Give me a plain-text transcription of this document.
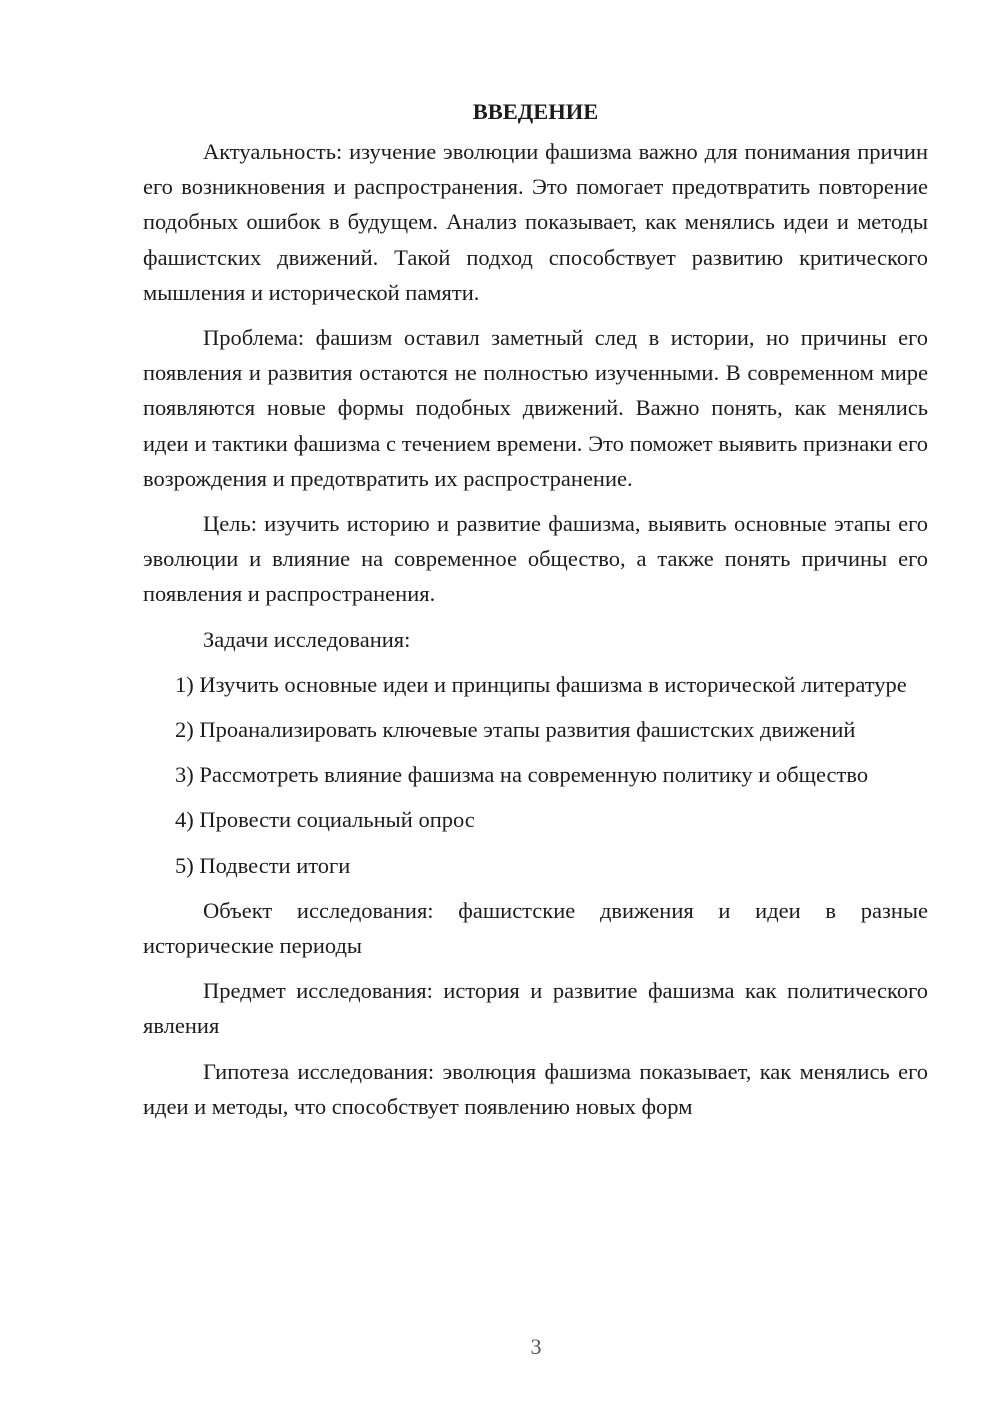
ВВЕДЕНИЕ

Актуальность: изучение эволюции фашизма важно для понимания причин его возникновения и распространения. Это помогает предотвратить повторение подобных ошибок в будущем. Анализ показывает, как менялись идеи и методы фашистских движений. Такой подход способствует развитию критического мышления и исторической памяти.

Проблема: фашизм оставил заметный след в истории, но причины его появления и развития остаются не полностью изученными. В современном мире появляются новые формы подобных движений. Важно понять, как менялись идеи и тактики фашизма с течением времени. Это поможет выявить признаки его возрождения и предотвратить их распространение.

Цель: изучить историю и развитие фашизма, выявить основные этапы его эволюции и влияние на современное общество, а также понять причины его появления и распространения.

Задачи исследования:

1) Изучить основные идеи и принципы фашизма в исторической литературе

2) Проанализировать ключевые этапы развития фашистских движений

3) Рассмотреть влияние фашизма на современную политику и общество

4) Провести социальный опрос

5) Подвести итоги

Объект исследования: фашистские движения и идеи в разные исторические периоды

Предмет исследования: история и развитие фашизма как политического явления

Гипотеза исследования: эволюция фашизма показывает, как менялись его идеи и методы, что способствует появлению новых форм

3
